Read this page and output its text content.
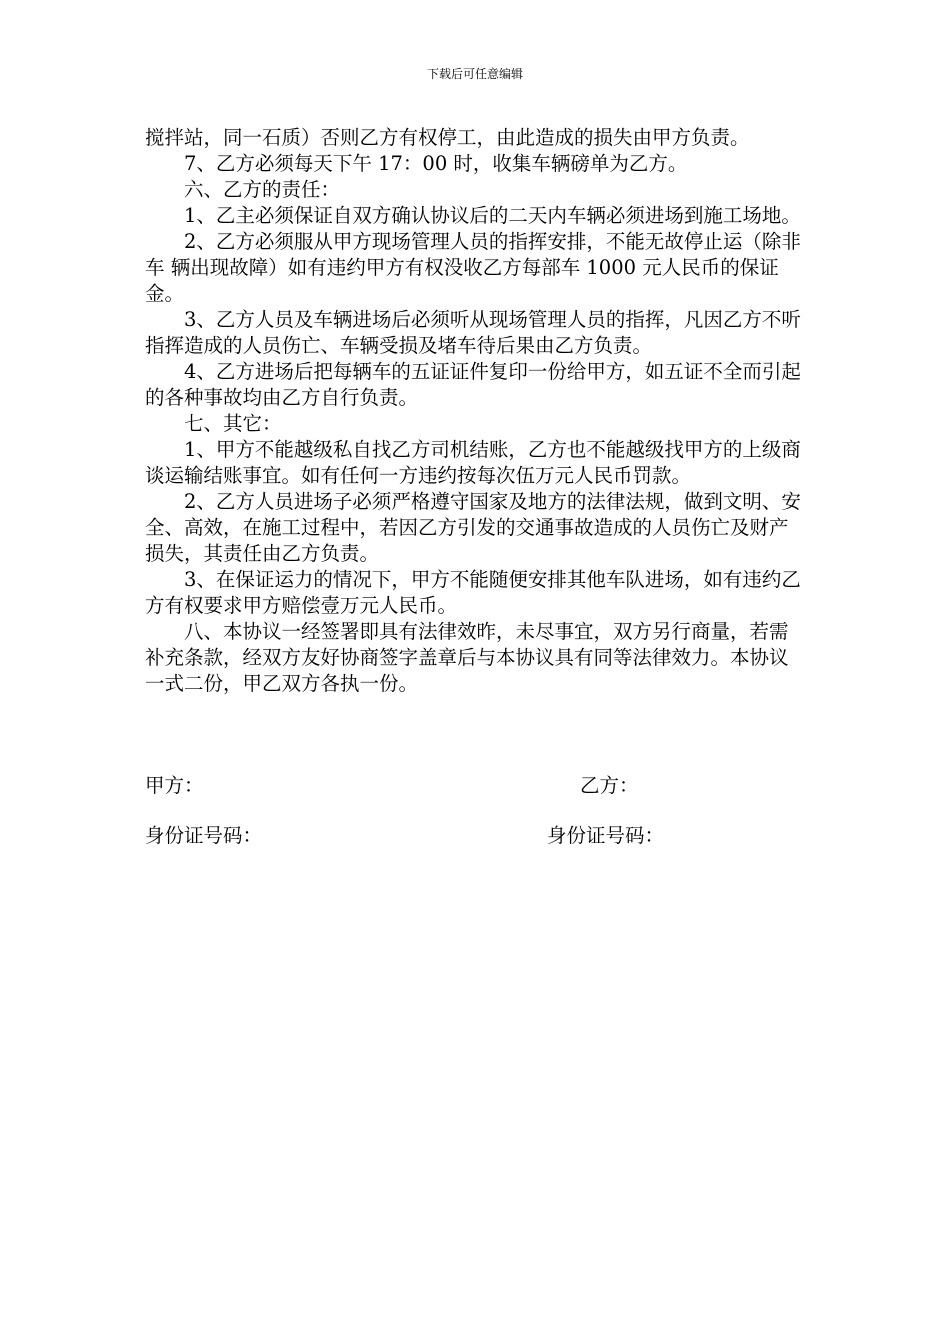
下载后可任意编辑

搅拌站，同一石质）否则乙方有权停工，由此造成的损失由甲方负责。

7、乙方必须每天下午 17：00 时，收集车辆磅单为乙方。

六、乙方的责任：

1、乙主必须保证自双方确认协议后的二天内车辆必须进场到施工场地。

2、乙方必须服从甲方现场管理人员的指挥安排，不能无故停止运（除非车 辆出现故障）如有违约甲方有权没收乙方每部车 1000 元人民币的保证金。

3、乙方人员及车辆进场后必须听从现场管理人员的指挥，凡因乙方不听指挥造成的人员伤亡、车辆受损及堵车待后果由乙方负责。

4、乙方进场后把每辆车的五证证件复印一份给甲方，如五证不全而引起的各种事故均由乙方自行负责。

七、其它：

1、甲方不能越级私自找乙方司机结账，乙方也不能越级找甲方的上级商谈运输结账事宜。如有任何一方违约按每次伍万元人民币罚款。

2、乙方人员进场子必须严格遵守国家及地方的法律法规，做到文明、安全、高效，在施工过程中，若因乙方引发的交通事故造成的人员伤亡及财产损失，其责任由乙方负责。

3、在保证运力的情况下，甲方不能随便安排其他车队进场，如有违约乙方有权要求甲方赔偿壹万元人民币。

八、本协议一经签署即具有法律效昨，未尽事宜，双方另行商量，若需补充条款，经双方友好协商签字盖章后与本协议具有同等法律效力。本协议一式二份，甲乙双方各执一份。

甲方：	乙方：
身份证号码：	身份证号码：
